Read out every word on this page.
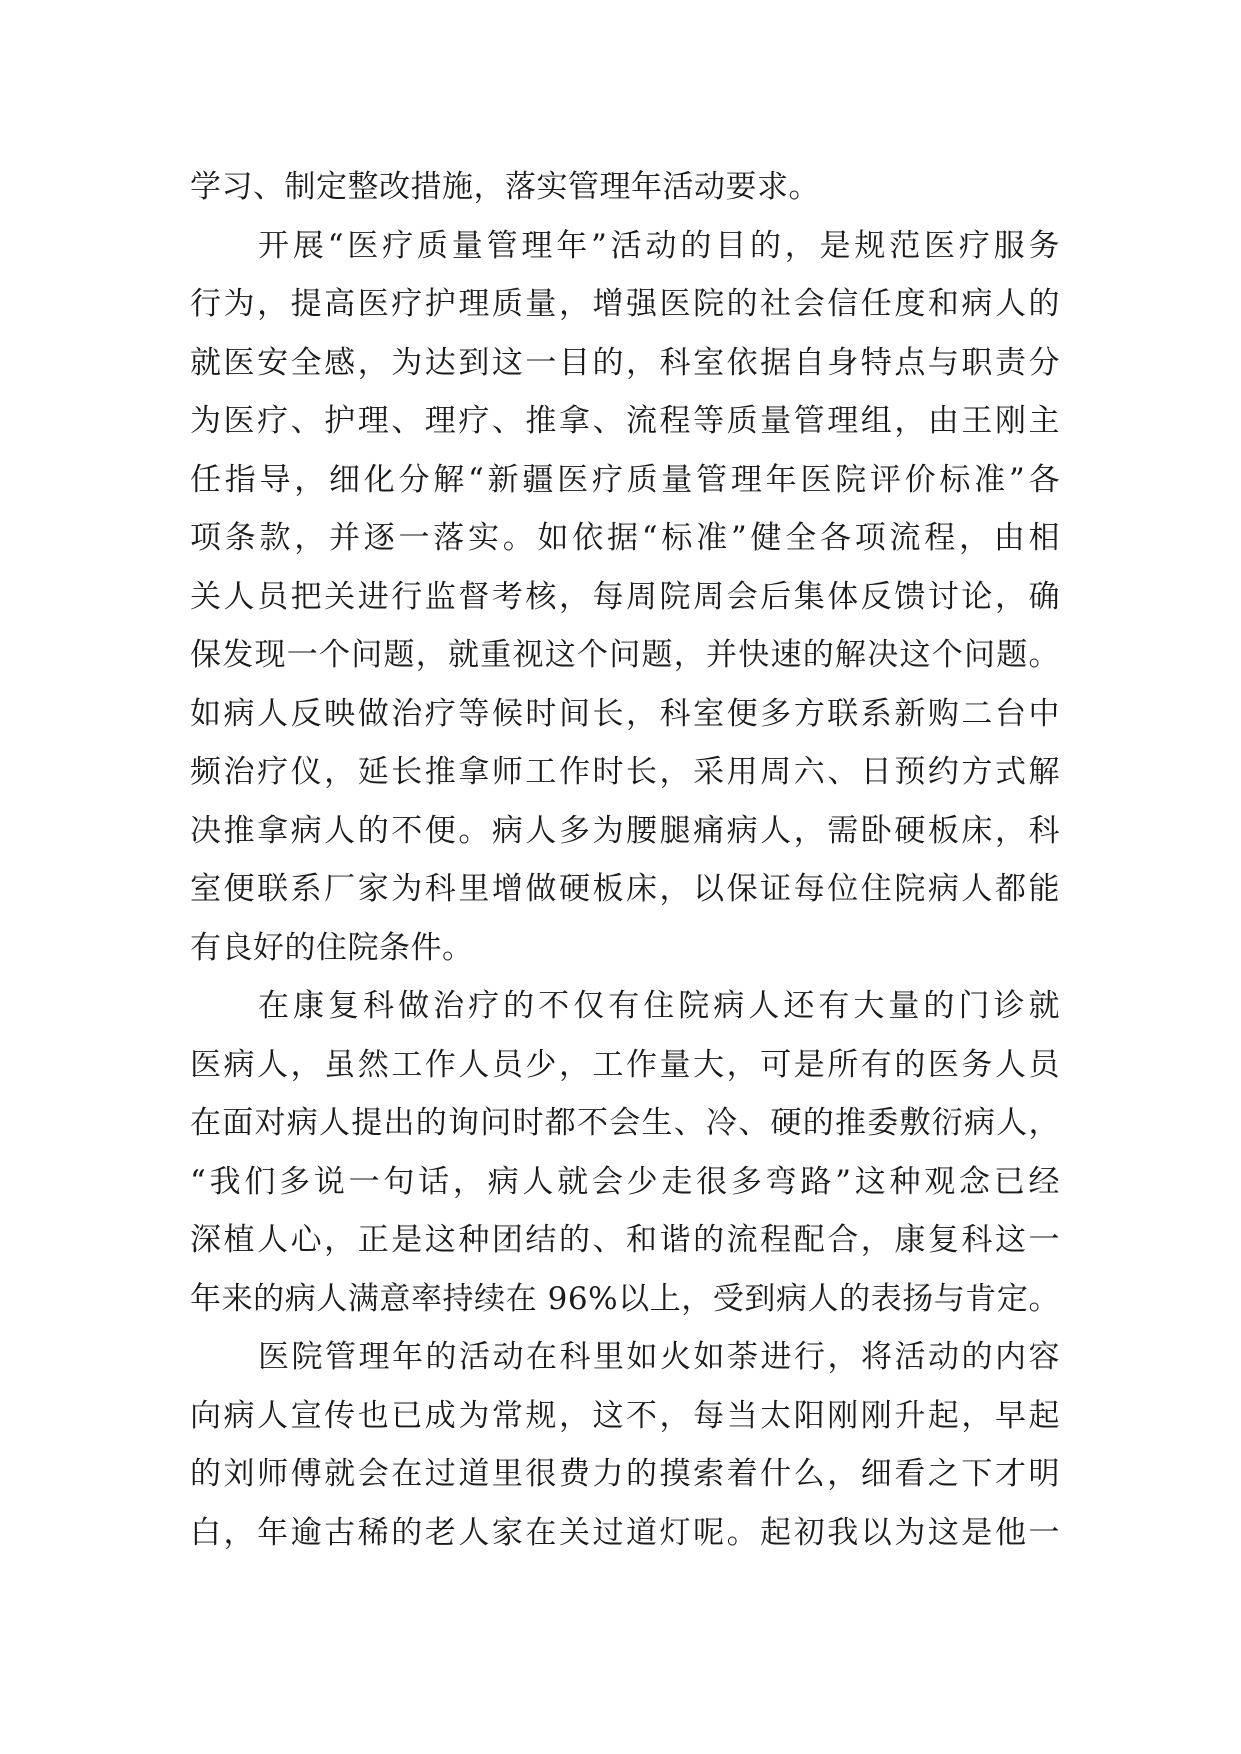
学习、制定整改措施，落实管理年活动要求。
开展“医疗质量管理年”活动的目的，是规范医疗服务
行为，提高医疗护理质量，增强医院的社会信任度和病人的
就医安全感，为达到这一目的，科室依据自身特点与职责分
为医疗、护理、理疗、推拿、流程等质量管理组，由王刚主
任指导，细化分解“新疆医疗质量管理年医院评价标准”各
项条款，并逐一落实。如依据“标准”健全各项流程，由相
关人员把关进行监督考核，每周院周会后集体反馈讨论，确
保发现一个问题，就重视这个问题，并快速的解决这个问题。
如病人反映做治疗等候时间长，科室便多方联系新购二台中
频治疗仪，延长推拿师工作时长，采用周六、日预约方式解
决推拿病人的不便。病人多为腰腿痛病人，需卧硬板床，科
室便联系厂家为科里增做硬板床，以保证每位住院病人都能
有良好的住院条件。
在康复科做治疗的不仅有住院病人还有大量的门诊就
医病人，虽然工作人员少，工作量大，可是所有的医务人员
在面对病人提出的询问时都不会生、冷、硬的推委敷衍病人，
“我们多说一句话，病人就会少走很多弯路”这种观念已经
深植人心，正是这种团结的、和谐的流程配合，康复科这一
年来的病人满意率持续在 96%以上，受到病人的表扬与肯定。
医院管理年的活动在科里如火如荼进行，将活动的内容
向病人宣传也已成为常规，这不，每当太阳刚刚升起，早起
的刘师傅就会在过道里很费力的摸索着什么，细看之下才明
白，年逾古稀的老人家在关过道灯呢。起初我以为这是他一
